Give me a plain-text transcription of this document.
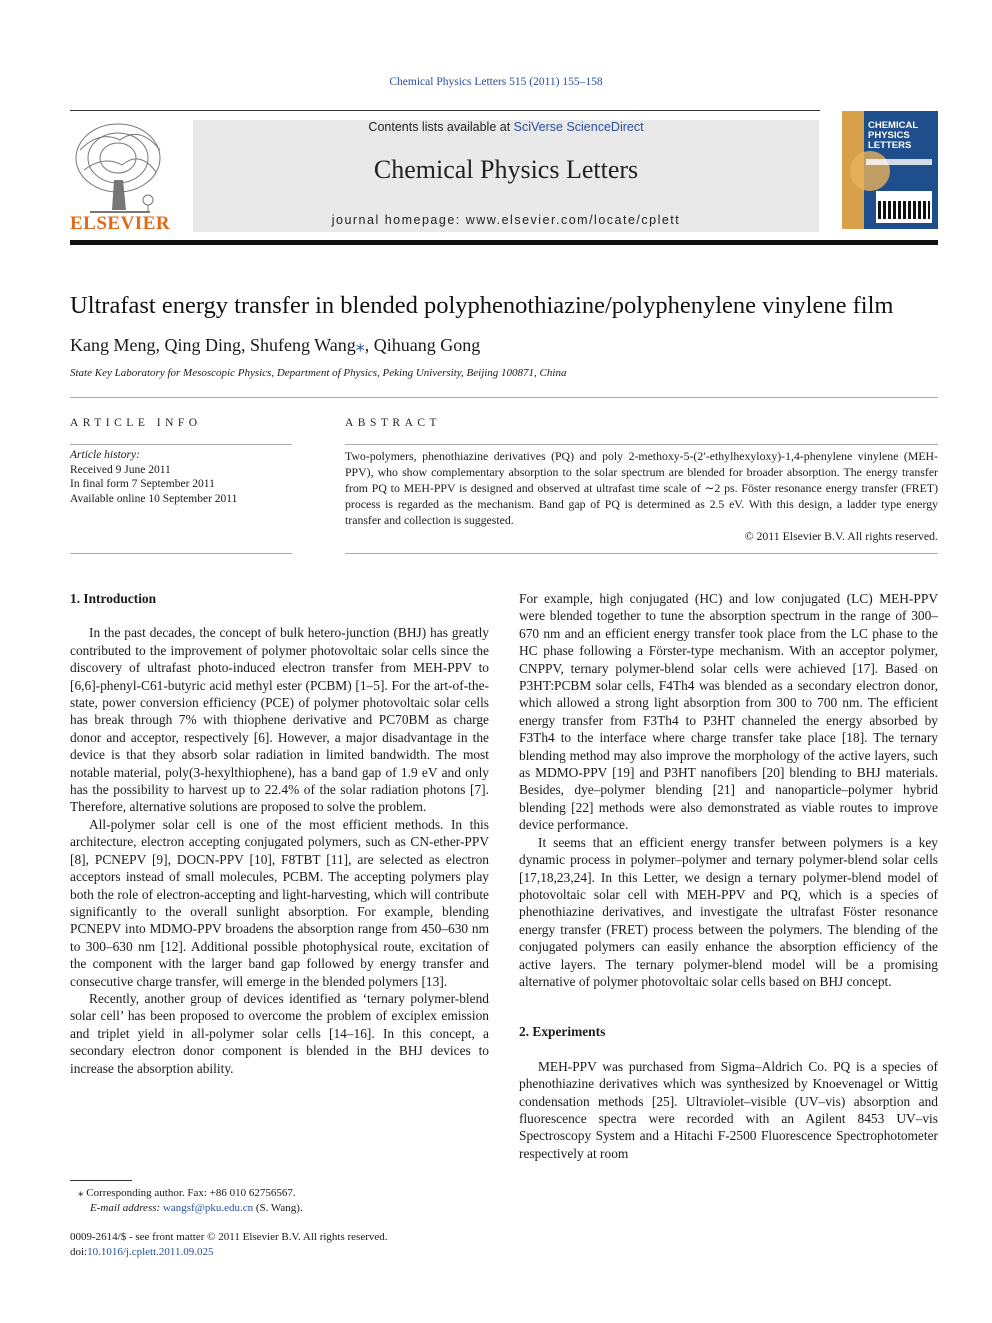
Chemical Physics Letters 515 (2011) 155–158
ELSEVIER
Contents lists available at SciVerse ScienceDirect
Chemical Physics Letters
journal homepage: www.elsevier.com/locate/cplett
CHEMICAL
PHYSICS
LETTERS
Ultrafast energy transfer in blended polyphenothiazine/polyphenylene vinylene film
Kang Meng, Qing Ding, Shufeng Wang⁎, Qihuang Gong
State Key Laboratory for Mesoscopic Physics, Department of Physics, Peking University, Beijing 100871, China
ARTICLE INFO
Article history:
Received 9 June 2011
In final form 7 September 2011
Available online 10 September 2011
ABSTRACT
Two-polymers, phenothiazine derivatives (PQ) and poly 2-methoxy-5-(2′-ethylhexyloxy)-1,4-phenylene vinylene (MEH-PPV), who show complementary absorption to the solar spectrum are blended for broader absorption. The energy transfer from PQ to MEH-PPV is designed and observed at ultrafast time scale of ∼2 ps. Föster resonance energy transfer (FRET) process is regarded as the mechanism. Band gap of PQ is determined as 2.5 eV. With this design, a ladder type energy transfer and collection is suggested.
© 2011 Elsevier B.V. All rights reserved.
1. Introduction

In the past decades, the concept of bulk hetero-junction (BHJ) has greatly contributed to the improvement of polymer photovoltaic solar cells since the discovery of ultrafast photo-induced electron transfer from MEH-PPV to [6,6]-phenyl-C61-butyric acid methyl ester (PCBM) [1–5]. For the art-of-the-state, power conversion efficiency (PCE) of polymer photovoltaic solar cells has break through 7% with thiophene derivative and PC70BM as charge donor and acceptor, respectively [6]. However, a major disadvantage in the device is that they absorb solar radiation in limited bandwidth. The most notable material, poly(3-hexylthiophene), has a band gap of 1.9 eV and only has the possibility to harvest up to 22.4% of the solar radiation photons [7]. Therefore, alternative solutions are proposed to solve the problem.

All-polymer solar cell is one of the most efficient methods. In this architecture, electron accepting conjugated polymers, such as CN-ether-PPV [8], PCNEPV [9], DOCN-PPV [10], F8TBT [11], are selected as electron acceptors instead of small molecules, PCBM. The accepting polymers play both the role of electron-accepting and light-harvesting, which will contribute significantly to the overall sunlight absorption. For example, blending PCNEPV into MDMO-PPV broadens the absorption range from 450–630 nm to 300–630 nm [12]. Additional possible photophysical route, excitation of the component with the larger band gap followed by energy transfer and consecutive charge transfer, will emerge in the blended polymers [13].

Recently, another group of devices identified as ‘ternary polymer-blend solar cell’ has been proposed to overcome the problem of exciplex emission and triplet yield in all-polymer solar cells [14–16]. In this concept, a secondary electron donor component is blended in the BHJ devices to increase the absorption ability.

For example, high conjugated (HC) and low conjugated (LC) MEH-PPV were blended together to tune the absorption spectrum in the range of 300–670 nm and an efficient energy transfer took place from the LC phase to the HC phase following a Förster-type mechanism. With an acceptor polymer, CNPPV, ternary polymer-blend solar cells were achieved [17]. Based on P3HT:PCBM solar cells, F4Th4 was blended as a secondary electron donor, which allowed a strong light absorption from 300 to 700 nm. The efficient energy transfer from F3Th4 to P3HT channeled the energy absorbed by F3Th4 to the interface where charge transfer take place [18]. The ternary blending method may also improve the morphology of the active layers, such as MDMO-PPV [19] and P3HT nanofibers [20] blending to BHJ materials. Besides, dye–polymer blending [21] and nanoparticle–polymer hybrid blending [22] methods were also demonstrated as viable routes to improve device performance.

It seems that an efficient energy transfer between polymers is a key dynamic process in polymer–polymer and ternary polymer-blend solar cells [17,18,23,24]. In this Letter, we design a ternary polymer-blend model of photovoltaic solar cell with MEH-PPV and PQ, which is a species of phenothiazine derivatives, and investigate the ultrafast Föster resonance energy transfer (FRET) process between the polymers. The blending of the conjugated polymers can easily enhance the absorption efficiency of the active layers. The ternary polymer-blend model will be a promising alternative of polymer photovoltaic solar cells based on BHJ concept.

2. Experiments

MEH-PPV was purchased from Sigma–Aldrich Co. PQ is a species of phenothiazine derivatives which was synthesized by Knoevenagel or Wittig condensation methods [25]. Ultraviolet–visible (UV–vis) absorption and fluorescence spectra were recorded with an Agilent 8453 UV–vis Spectroscopy System and a Hitachi F-2500 Fluorescence Spectrophotometer respectively at room

⁎ Corresponding author. Fax: +86 010 62756567.
E-mail address: wangsf@pku.edu.cn (S. Wang).
0009-2614/$ - see front matter © 2011 Elsevier B.V. All rights reserved.
doi:10.1016/j.cplett.2011.09.025
